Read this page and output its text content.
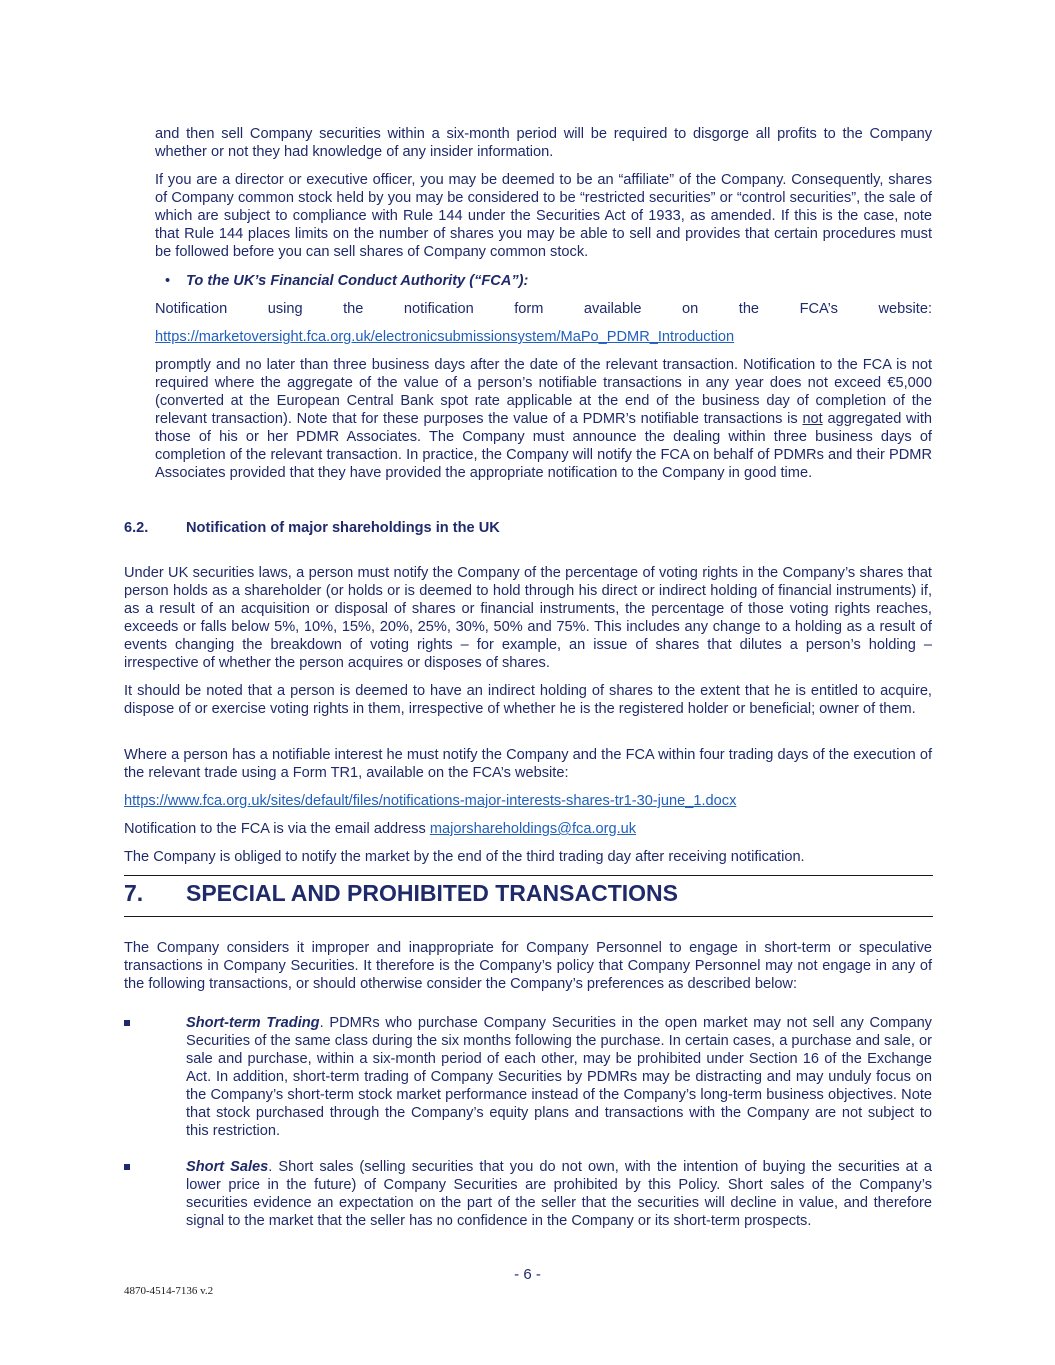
and then sell Company securities within a six-month period will be required to disgorge all profits to the Company whether or not they had knowledge of any insider information.

If you are a director or executive officer, you may be deemed to be an “affiliate” of the Company. Consequently, shares of Company common stock held by you may be considered to be “restricted securities” or “control securities”, the sale of which are subject to compliance with Rule 144 under the Securities Act of 1933, as amended. If this is the case, note that Rule 144 places limits on the number of shares you may be able to sell and provides that certain procedures must be followed before you can sell shares of Company common stock.

• To the UK’s Financial Conduct Authority (“FCA”):

Notification using the notification form available on the FCA’s website:

https://marketoversight.fca.org.uk/electronicsubmissionsystem/MaPo_PDMR_Introduction

promptly and no later than three business days after the date of the relevant transaction. Notification to the FCA is not required where the aggregate of the value of a person’s notifiable transactions in any year does not exceed €5,000 (converted at the European Central Bank spot rate applicable at the end of the business day of completion of the relevant transaction). Note that for these purposes the value of a PDMR’s notifiable transactions is not aggregated with those of his or her PDMR Associates. The Company must announce the dealing within three business days of completion of the relevant transaction. In practice, the Company will notify the FCA on behalf of PDMRs and their PDMR Associates provided that they have provided the appropriate notification to the Company in good time.

6.2.	Notification of major shareholdings in the UK

Under UK securities laws, a person must notify the Company of the percentage of voting rights in the Company’s shares that person holds as a shareholder (or holds or is deemed to hold through his direct or indirect holding of financial instruments) if, as a result of an acquisition or disposal of shares or financial instruments, the percentage of those voting rights reaches, exceeds or falls below 5%, 10%, 15%, 20%, 25%, 30%, 50% and 75%. This includes any change to a holding as a result of events changing the breakdown of voting rights – for example, an issue of shares that dilutes a person’s holding – irrespective of whether the person acquires or disposes of shares.

It should be noted that a person is deemed to have an indirect holding of shares to the extent that he is entitled to acquire, dispose of or exercise voting rights in them, irrespective of whether he is the registered holder or beneficial; owner of them.

Where a person has a notifiable interest he must notify the Company and the FCA within four trading days of the execution of the relevant trade using a Form TR1, available on the FCA’s website:

https://www.fca.org.uk/sites/default/files/notifications-major-interests-shares-tr1-30-june_1.docx

Notification to the FCA is via the email address majorshareholdings@fca.org.uk

The Company is obliged to notify the market by the end of the third trading day after receiving notification.

7. SPECIAL AND PROHIBITED TRANSACTIONS

The Company considers it improper and inappropriate for Company Personnel to engage in short-term or speculative transactions in Company Securities. It therefore is the Company’s policy that Company Personnel may not engage in any of the following transactions, or should otherwise consider the Company’s preferences as described below:

Short-term Trading. PDMRs who purchase Company Securities in the open market may not sell any Company Securities of the same class during the six months following the purchase. In certain cases, a purchase and sale, or sale and purchase, within a six-month period of each other, may be prohibited under Section 16 of the Exchange Act. In addition, short-term trading of Company Securities by PDMRs may be distracting and may unduly focus on the Company’s short-term stock market performance instead of the Company’s long-term business objectives. Note that stock purchased through the Company’s equity plans and transactions with the Company are not subject to this restriction.

Short Sales. Short sales (selling securities that you do not own, with the intention of buying the securities at a lower price in the future) of Company Securities are prohibited by this Policy. Short sales of the Company’s securities evidence an expectation on the part of the seller that the securities will decline in value, and therefore signal to the market that the seller has no confidence in the Company or its short-term prospects.

- 6 -
4870-4514-7136 v.2
